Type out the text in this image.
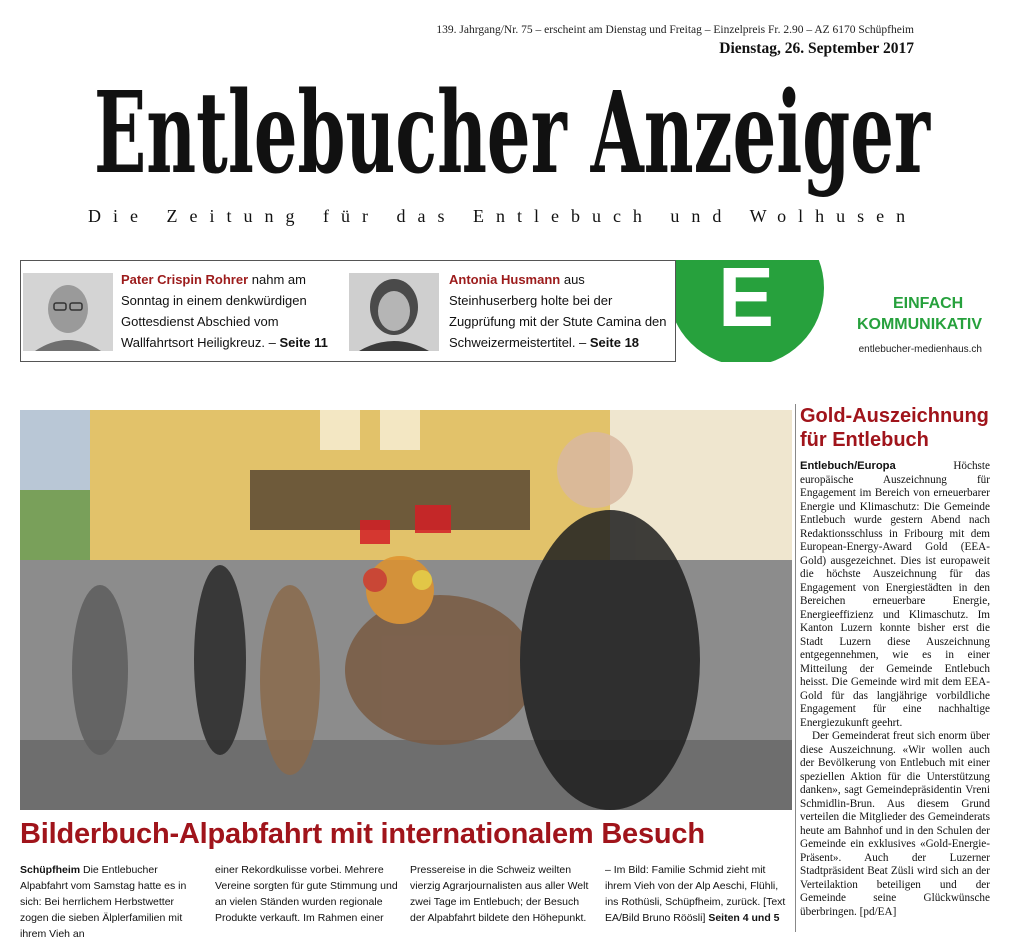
139. Jahrgang/Nr. 75 – erscheint am Dienstag und Freitag – Einzelpreis Fr. 2.90 – AZ 6170 Schüpfheim
Dienstag, 26. September 2017
Entlebucher Anzeiger
Die Zeitung für das Entlebuch und Wolhusen
Pater Crispin Rohrer nahm am Sonntag in einem denkwürdigen Gottesdienst Abschied vom Wallfahrtsort Heiligkreuz. – Seite 11
Antonia Husmann aus Steinhuserberg holte bei der Zugprüfung mit der Stute Camina den Schweizermeistertitel. – Seite 18 E	EINFACH
KOMMUNIKATIV
entlebucher-medienhaus.ch
Bilderbuch-Alpabfahrt mit internationalem Besuch
Schüpfheim Die Entlebucher Alpabfahrt vom Samstag hatte es in sich: Bei herrlichem Herbstwetter zogen die sieben Älplerfamilien mit ihrem Vieh an
einer Rekordkulisse vorbei. Mehrere Vereine sorgten für gute Stimmung und an vielen Ständen wurden regionale Produkte verkauft. Im Rahmen einer
Pressereise in die Schweiz weilten vierzig Agrarjournalisten aus aller Welt zwei Tage im Entlebuch; der Besuch der Alpabfahrt bildete den Höhepunkt.
– Im Bild: Familie Schmid zieht mit ihrem Vieh von der Alp Aeschi, Flühli, ins Rothüsli, Schüpfheim, zurück. [Text EA/Bild Bruno Röösli] Seiten 4 und 5
Gold-Auszeichnung für Entlebuch

Entlebuch/Europa Höchste europäische Auszeichnung für Engagement im Bereich von erneuerbarer Energie und Klimaschutz: Die Gemeinde Entlebuch wurde gestern Abend nach Redaktionsschluss in Fribourg mit dem European-Energy-Award Gold (EEA-Gold) ausgezeichnet. Dies ist europaweit die höchste Auszeichnung für das Engagement von Energiestädten in den Bereichen erneuerbare Energie, Energieeffizienz und Klimaschutz. Im Kanton Luzern konnte bisher erst die Stadt Luzern diese Auszeichnung entgegennehmen, wie es in einer Mitteilung der Gemeinde Entlebuch heisst. Die Gemeinde wird mit dem EEA-Gold für das langjährige vorbildliche Engagement für eine nachhaltige Energiezukunft geehrt.

Der Gemeinderat freut sich enorm über diese Auszeichnung. «Wir wollen auch der Bevölkerung von Entlebuch mit einer speziellen Aktion für die Unterstützung danken», sagt Gemeindepräsidentin Vreni Schmidlin-Brun. Aus diesem Grund verteilen die Mitglieder des Gemeinderats heute am Bahnhof und in den Schulen der Gemeinde ein exklusives «Gold-Energie-Präsent». Auch der Luzerner Stadtpräsident Beat Züsli wird sich an der Verteilaktion beteiligen und der Gemeinde seine Glückwünsche überbringen. [pd/EA]
